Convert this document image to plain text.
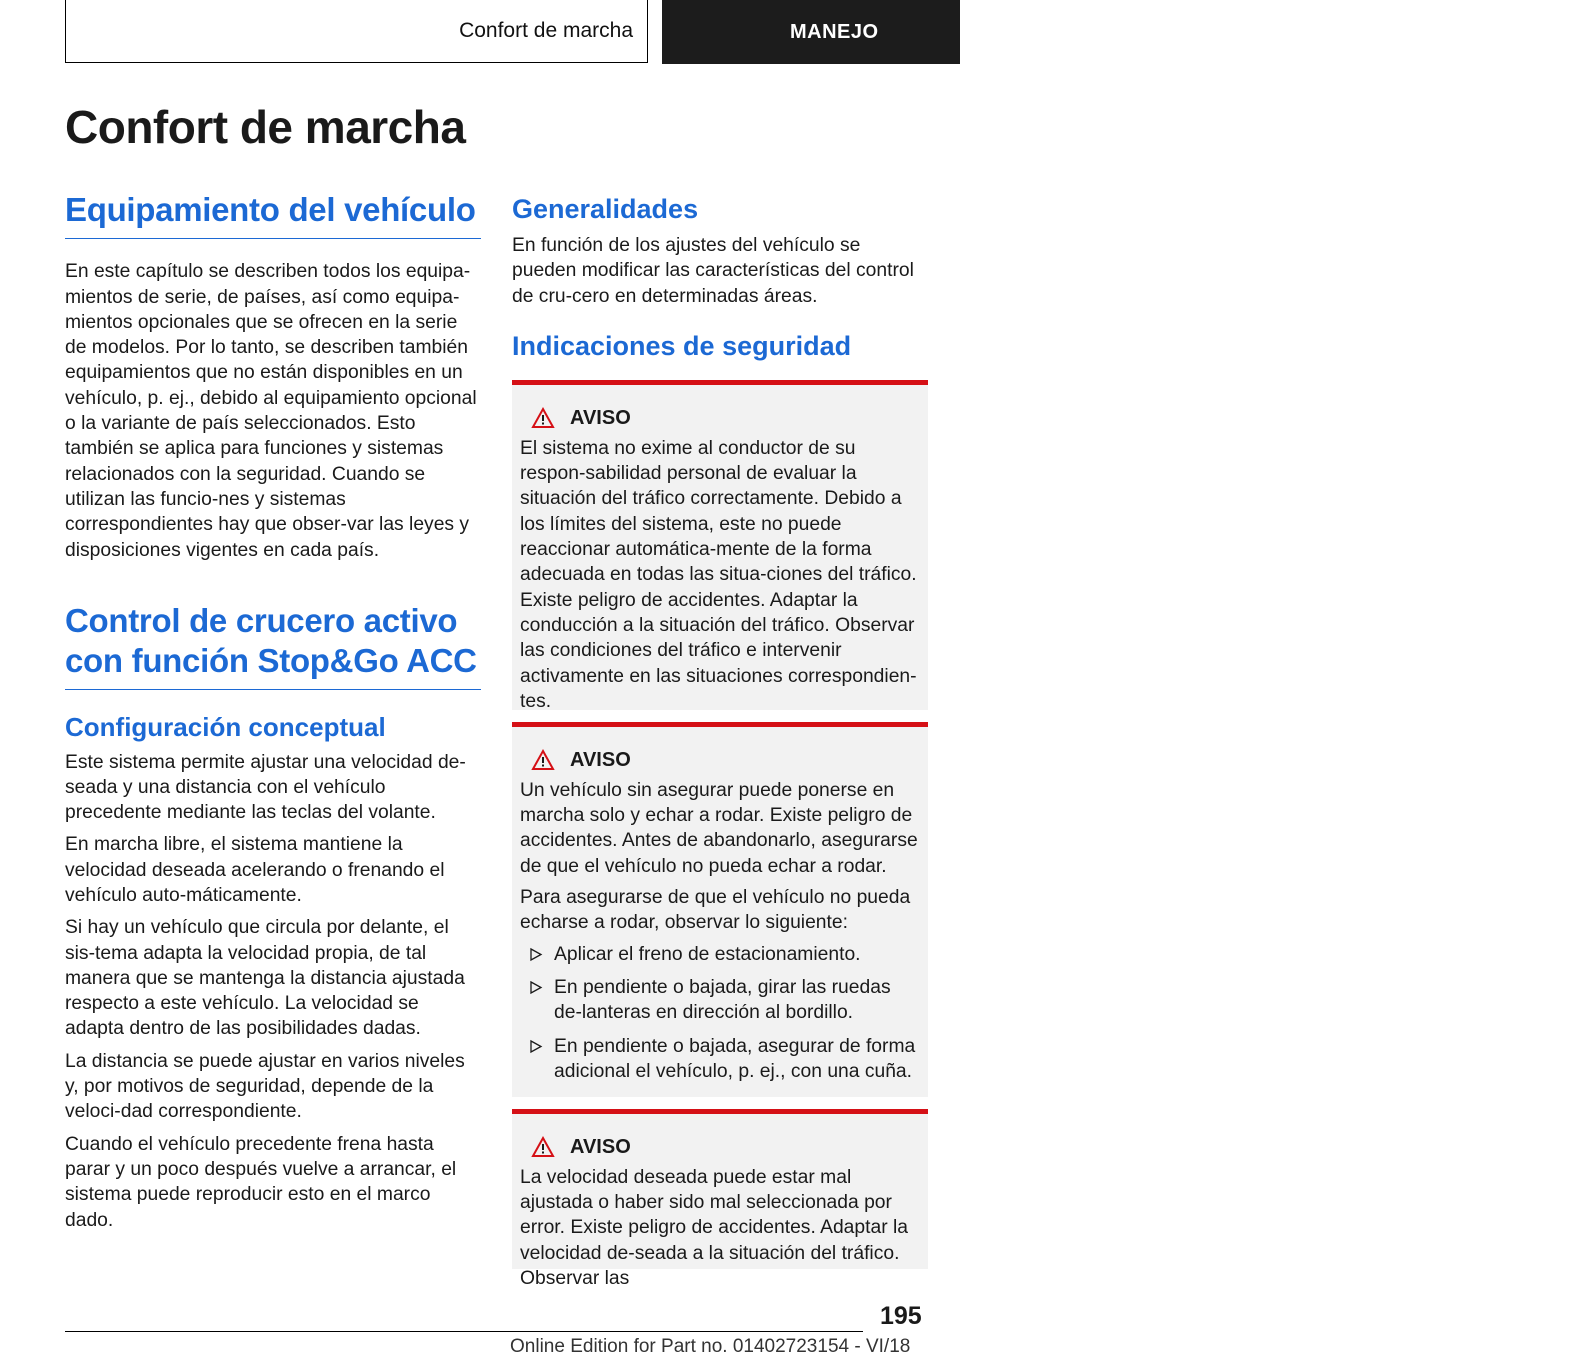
Confort de marcha	MANEJO
Confort de marcha
Equipamiento del vehículo

En este capítulo se describen todos los equipa-mientos de serie, de países, así como equipa-mientos opcionales que se ofrecen en la serie de modelos. Por lo tanto, se describen también equipamientos que no están disponibles en un vehículo, p. ej., debido al equipamiento opcional o la variante de país seleccionados. Esto también se aplica para funciones y sistemas relacionados con la seguridad. Cuando se utilizan las funcio-nes y sistemas correspondientes hay que obser-var las leyes y disposiciones vigentes en cada país.

Control de crucero activo con función Stop&Go ACC
Configuración conceptual

Este sistema permite ajustar una velocidad de-seada y una distancia con el vehículo precedente mediante las teclas del volante.

En marcha libre, el sistema mantiene la velocidad deseada acelerando o frenando el vehículo auto-máticamente.

Si hay un vehículo que circula por delante, el sis-tema adapta la velocidad propia, de tal manera que se mantenga la distancia ajustada respecto a este vehículo. La velocidad se adapta dentro de las posibilidades dadas.

La distancia se puede ajustar en varios niveles y, por motivos de seguridad, depende de la veloci-dad correspondiente.

Cuando el vehículo precedente frena hasta parar y un poco después vuelve a arrancar, el sistema puede reproducir esto en el marco dado.

Generalidades

En función de los ajustes del vehículo se pueden modificar las características del control de cru-cero en determinadas áreas.

Indicaciones de seguridad
AVISO

El sistema no exime al conductor de su respon-sabilidad personal de evaluar la situación del tráfico correctamente. Debido a los límites del sistema, este no puede reaccionar automática-mente de la forma adecuada en todas las situa-ciones del tráfico. Existe peligro de accidentes. Adaptar la conducción a la situación del tráfico. Observar las condiciones del tráfico e intervenir activamente en las situaciones correspondien-tes.

AVISO

Un vehículo sin asegurar puede ponerse en marcha solo y echar a rodar. Existe peligro de accidentes. Antes de abandonarlo, asegurarse de que el vehículo no pueda echar a rodar.

Para asegurarse de que el vehículo no pueda echarse a rodar, observar lo siguiente:

Aplicar el freno de estacionamiento.
En pendiente o bajada, girar las ruedas de-lanteras en dirección al bordillo.
En pendiente o bajada, asegurar de forma adicional el vehículo, p. ej., con una cuña.
AVISO

La velocidad deseada puede estar mal ajustada o haber sido mal seleccionada por error. Existe peligro de accidentes. Adaptar la velocidad de-seada a la situación del tráfico. Observar las

195
Online Edition for Part no. 01402723154 - VI/18
